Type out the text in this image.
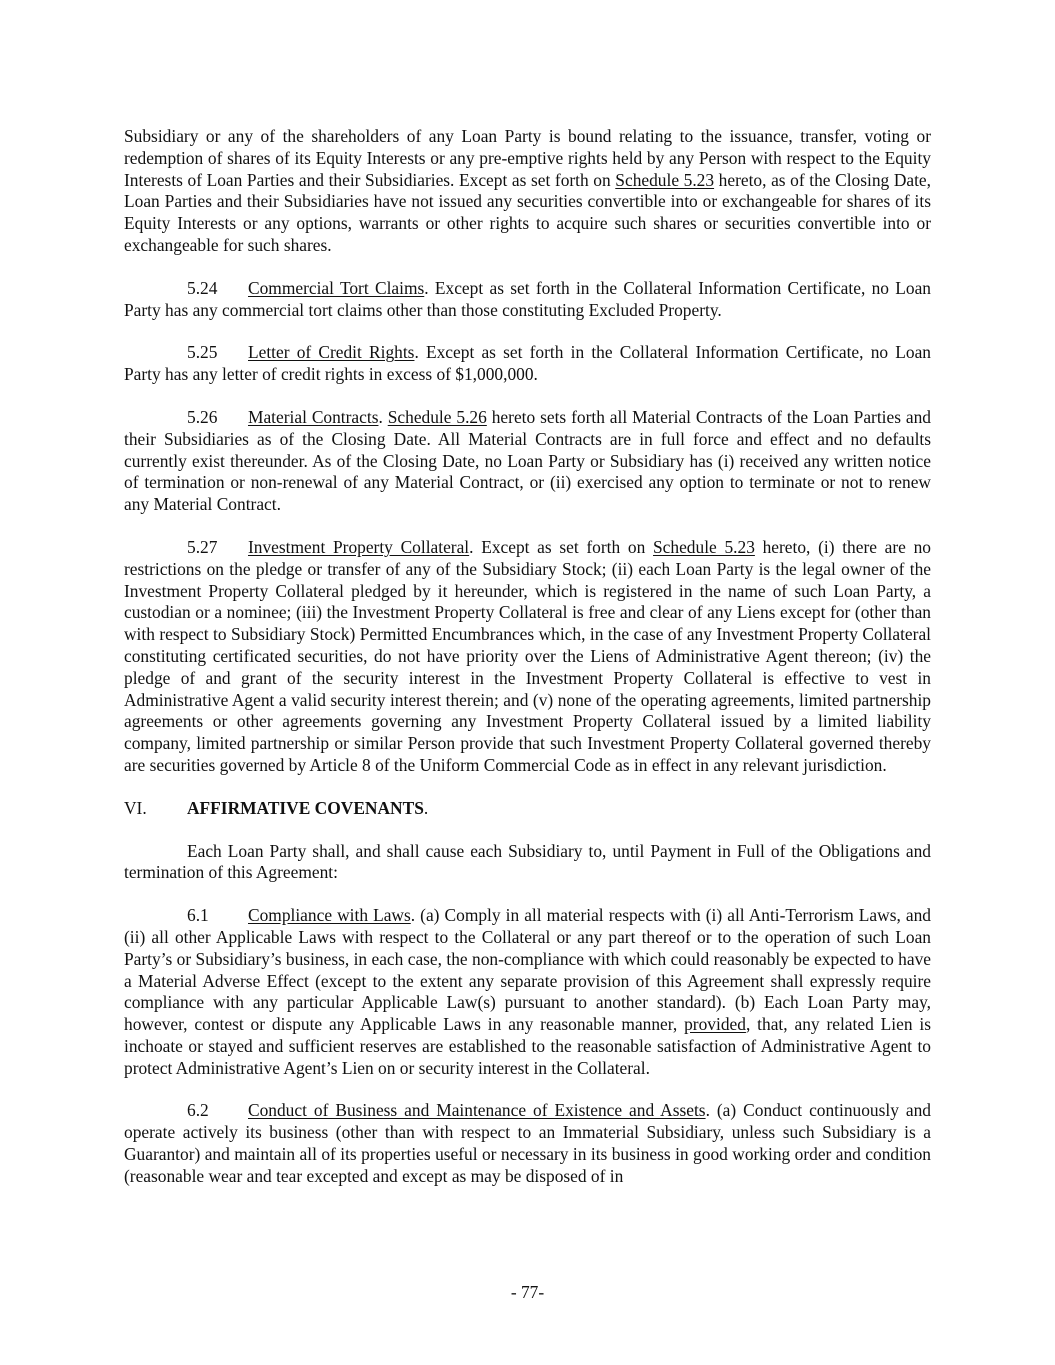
Subsidiary or any of the shareholders of any Loan Party is bound relating to the issuance, transfer, voting or redemption of shares of its Equity Interests or any pre-emptive rights held by any Person with respect to the Equity Interests of Loan Parties and their Subsidiaries. Except as set forth on Schedule 5.23 hereto, as of the Closing Date, Loan Parties and their Subsidiaries have not issued any securities convertible into or exchangeable for shares of its Equity Interests or any options, warrants or other rights to acquire such shares or securities convertible into or exchangeable for such shares.

5.24 Commercial Tort Claims. Except as set forth in the Collateral Information Certificate, no Loan Party has any commercial tort claims other than those constituting Excluded Property.

5.25 Letter of Credit Rights. Except as set forth in the Collateral Information Certificate, no Loan Party has any letter of credit rights in excess of $1,000,000.

5.26 Material Contracts. Schedule 5.26 hereto sets forth all Material Contracts of the Loan Parties and their Subsidiaries as of the Closing Date. All Material Contracts are in full force and effect and no defaults currently exist thereunder. As of the Closing Date, no Loan Party or Subsidiary has (i) received any written notice of termination or non-renewal of any Material Contract, or (ii) exercised any option to terminate or not to renew any Material Contract.

5.27 Investment Property Collateral. Except as set forth on Schedule 5.23 hereto, (i) there are no restrictions on the pledge or transfer of any of the Subsidiary Stock; (ii) each Loan Party is the legal owner of the Investment Property Collateral pledged by it hereunder, which is registered in the name of such Loan Party, a custodian or a nominee; (iii) the Investment Property Collateral is free and clear of any Liens except for (other than with respect to Subsidiary Stock) Permitted Encumbrances which, in the case of any Investment Property Collateral constituting certificated securities, do not have priority over the Liens of Administrative Agent thereon; (iv) the pledge of and grant of the security interest in the Investment Property Collateral is effective to vest in Administrative Agent a valid security interest therein; and (v) none of the operating agreements, limited partnership agreements or other agreements governing any Investment Property Collateral issued by a limited liability company, limited partnership or similar Person provide that such Investment Property Collateral governed thereby are securities governed by Article 8 of the Uniform Commercial Code as in effect in any relevant jurisdiction.

VI. AFFIRMATIVE COVENANTS.

Each Loan Party shall, and shall cause each Subsidiary to, until Payment in Full of the Obligations and termination of this Agreement:

6.1 Compliance with Laws. (a) Comply in all material respects with (i) all Anti-Terrorism Laws, and (ii) all other Applicable Laws with respect to the Collateral or any part thereof or to the operation of such Loan Party’s or Subsidiary’s business, in each case, the non-compliance with which could reasonably be expected to have a Material Adverse Effect (except to the extent any separate provision of this Agreement shall expressly require compliance with any particular Applicable Law(s) pursuant to another standard). (b) Each Loan Party may, however, contest or dispute any Applicable Laws in any reasonable manner, provided, that, any related Lien is inchoate or stayed and sufficient reserves are established to the reasonable satisfaction of Administrative Agent to protect Administrative Agent’s Lien on or security interest in the Collateral.

6.2 Conduct of Business and Maintenance of Existence and Assets. (a) Conduct continuously and operate actively its business (other than with respect to an Immaterial Subsidiary, unless such Subsidiary is a Guarantor) and maintain all of its properties useful or necessary in its business in good working order and condition (reasonable wear and tear excepted and except as may be disposed of in

- 77-
